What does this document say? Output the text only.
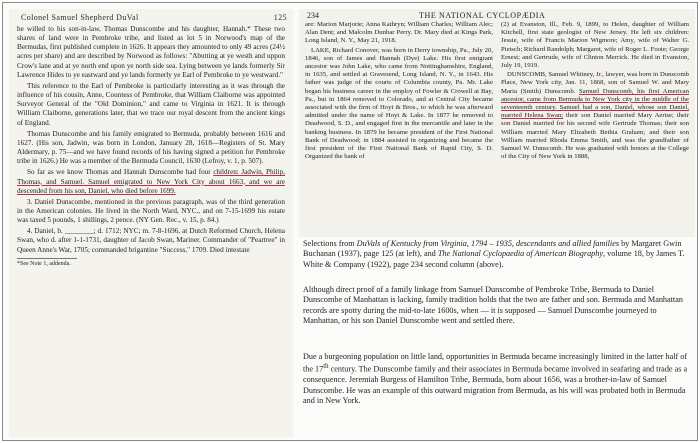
Colonel Samuel Shepherd DuVal	125

he willed to his son-in-law, Thomas Dunscombe and his daughter, Hannah.* These two shares of land were in Pembroke tribe, and listed as lot 5 in Norwood's map of the Bermudas, first published complete in 1626. It appears they amounted to only 49 acres (24½ acres per share) and are described by Norwood as follows: "Abutting at ye westh and uppon Crow's lane and at ye north end upon ye north side sea. Lying between ye lands formerly Sir Lawrence Hides to ye eastward and ye lands formerly ye Earl of Pembroke to ye westward."

This reference to the Earl of Pembroke is particularly interesting as it was through the influence of his cousin, Anne, Countess of Pembroke, that William Claiborne was appointed Surveyor General of the "Old Dominion," and came to Virginia in 1621. It is through William Claiborne, generations later, that we trace our royal descent from the ancient kings of England.

Thomas Dunscombe and his family emigrated to Bermuda, probably between 1616 and 1627. (His son, Jadwin, was born in London, January 28, 1618—Registers of St. Mary Aldermary, p. 75—and we have found records of his having signed a petition for Pembroke tribe in 1626.) He was a member of the Bermuda Council, 1630 (Lefroy, v. 1, p. 507).

So far as we know Thomas and Hannah Dunscombe had four children: Jadwin, Philip, Thomas, and Samuel. Samuel emigrated to New York City about 1663, and we are descended from his son, Daniel, who died before 1699.

3. Daniel Dunscombe, mentioned in the previous paragraph, was of the third generation in the American colonies. He lived in the North Ward, NYC., and on 7-15-1699 his estate was taxed 5 pounds, 1 shillings, 2 pence. (NY Gen. Rec., v. 15, p. 84.)

4. Daniel, b. ________; d. 1712; NYC; m. 7-8-1696, at Dutch Reformed Church, Helena Swan, who d. after 1-1-1731, daughter of Jacob Swan, Mariner. Commander of "Peartree" in Queen Anne's War, 1705; commanded brigantine "Success," 1709. Died intestate

*See Note 1, addenda.
234	THE NATIONAL CYCLOPÆDIA

are: Marion Marjorie; Anna Kathryn; William Charles; William Alec; Alan Dent; and Malcolm Dunbar Perry. Dr. Mary died at Kings Park, Long Island, N. Y., May 21, 1918.

LAKE, Richard Conover, was born in Derry township, Pa., July 20, 1846, son of James and Hannah (Dye) Lake. His first emigrant ancestor was John Lake, who came from Nottinghamshire, England, in 1635, and settled at Gravesend, Long Island, N. Y., in 1643. His father was judge of the courts of Columbia county, Pa. Mr. Lake began his business career in the employ of Fowler & Crowell at Bay, Pa., but in 1864 removed to Colorado, and at Central City became associated with the firm of Hoyt & Bros., to which he was afterward admitted under the name of Hoyt & Lake. In 1877 he removed to Deadwood, S. D., and engaged first in the mercantile and later in the banking business. In 1879 he became president of the First National Bank of Deadwood; in 1884 assisted in organizing and became the first president of the First National Bank of Rapid City, S. D. Organized the bank of

(2) at Evanston, Ill., Feb. 9, 1899, to Helen, daughter of William Kitchell, first state geologist of New Jersey. He left six children: Jessie, wife of Francis Marion Wigmore; Amy, wife of Walter G. Pietsch; Richard Randolph; Margaret, wife of Roger L. Foote; George Ernest; and Gertrude, wife of Clinton Merrick. He died in Evanston, July 19, 1919.

DUNSCOMB, Samuel Whitney, Jr., lawyer, was born in Dunscomb Place, New York city, Jan. 11, 1868, son of Samuel W. and Mary Maria (Smith) Dunscomb. Samuel Dunscomb, his first American ancestor, came from Bermuda to New York city in the middle of the seventeenth century. Samuel had a son, Daniel, whose son Daniel, married Helena Swan; their son Daniel married Mary Aertse; their son Daniel married for his second wife Gertrude Thomas; their son William married Mary Elizabeth Bethia Graham; and their son William married Rhoda Emma Smith, and was the grandfather of Samuel W. Dunscomb. He was graduated with honors at the College of the City of New York in 1888,

Selections from DuVals of Kentucky from Virginia, 1794 – 1935, descendants and allied families by Margaret Gwin Buchanan (1937), page 125 (at left), and The National Cyclopaedia of American Biography, volume 18, by James T. White & Company (1922), page 234 second column (above).

Although direct proof of a family linkage from Samuel Dunscombe of Pembroke Tribe, Bermuda to Daniel Dunscombe of Manhattan is lacking, family tradition holds that the two are father and son. Bermuda and Manhattan records are spotty during the mid-to-late 1600s, when — it is supposed — Samuel Dunscombe journeyed to Manhattan, or his son Daniel Dunscombe went and settled there.

Due a burgeoning population on little land, opportunities in Bermuda became increasingly limited in the latter half of the 17th century. The Dunscombe family and their associates in Bermuda became involved in seafaring and trade as a consequence. Jeremiah Burgess of Hamilton Tribe, Bermuda, born about 1656, was a brother-in-law of Samuel Dunscombe. He was an example of this outward migration from Bermuda, as his will was probated both in Bermuda and in New York.
